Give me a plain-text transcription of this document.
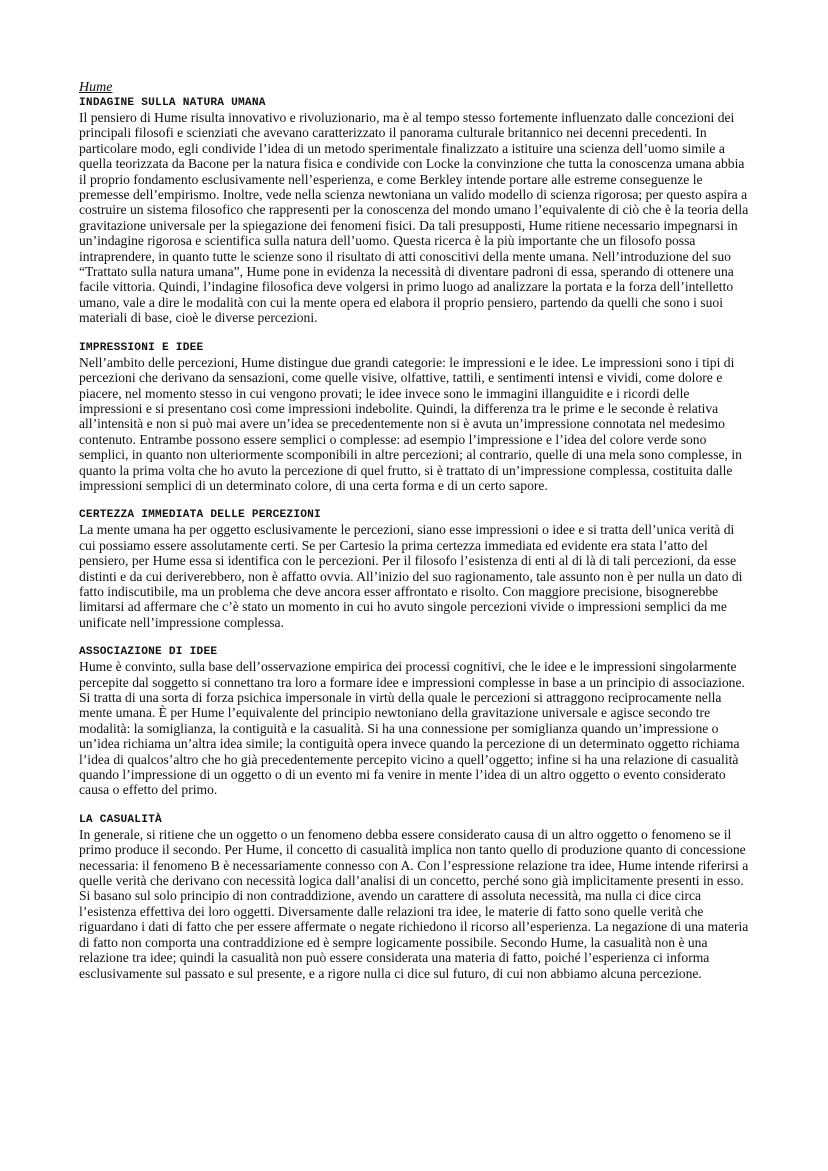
Hume

INDAGINE SULLA NATURA UMANA

Il pensiero di Hume risulta innovativo e rivoluzionario, ma è al tempo stesso fortemente influenzato dalle concezioni dei principali filosofi e scienziati che avevano caratterizzato il panorama culturale britannico nei decenni precedenti. In particolare modo, egli condivide l’idea di un metodo sperimentale finalizzato a istituire una scienza dell’uomo simile a quella teorizzata da Bacone per la natura fisica e condivide con Locke la convinzione che tutta la conoscenza umana abbia il proprio fondamento esclusivamente nell’esperienza, e come Berkley intende portare alle estreme conseguenze le premesse dell’empirismo. Inoltre, vede nella scienza newtoniana un valido modello di scienza rigorosa; per questo aspira a costruire un sistema filosofico che rappresenti per la conoscenza del mondo umano l’equivalente di ciò che è la teoria della gravitazione universale per la spiegazione dei fenomeni fisici. Da tali presupposti, Hume ritiene necessario impegnarsi in un’indagine rigorosa e scientifica sulla natura dell’uomo. Questa ricerca è la più importante che un filosofo possa intraprendere, in quanto tutte le scienze sono il risultato di atti conoscitivi della mente umana. Nell’introduzione del suo “Trattato sulla natura umana”, Hume pone in evidenza la necessità di diventare padroni di essa, sperando di ottenere una facile vittoria. Quindi, l’indagine filosofica deve volgersi in primo luogo ad analizzare la portata e la forza dell’intelletto umano, vale a dire le modalità con cui la mente opera ed elabora il proprio pensiero, partendo da quelli che sono i suoi materiali di base, cioè le diverse percezioni.

IMPRESSIONI E IDEE

Nell’ambito delle percezioni, Hume distingue due grandi categorie: le impressioni e le idee. Le impressioni sono i tipi di percezioni che derivano da sensazioni, come quelle visive, olfattive, tattili, e sentimenti intensi e vividi, come dolore e piacere, nel momento stesso in cui vengono provati; le idee invece sono le immagini illanguidite e i ricordi delle impressioni e si presentano così come impressioni indebolite. Quindi, la differenza tra le prime e le seconde è relativa all’intensità e non si può mai avere un’idea se precedentemente non si è avuta un’impressione connotata nel medesimo contenuto. Entrambe possono essere semplici o complesse: ad esempio l’impressione e l’idea del colore verde sono semplici, in quanto non ulteriormente scomponibili in altre percezioni; al contrario, quelle di una mela sono complesse, in quanto la prima volta che ho avuto la percezione di quel frutto, si è trattato di un’impressione complessa, costituita dalle impressioni semplici di un determinato colore, di una certa forma e di un certo sapore.

CERTEZZA IMMEDIATA DELLE PERCEZIONI

La mente umana ha per oggetto esclusivamente le percezioni, siano esse impressioni o idee e si tratta dell’unica verità di cui possiamo essere assolutamente certi. Se per Cartesio la prima certezza immediata ed evidente era stata l’atto del pensiero, per Hume essa si identifica con le percezioni. Per il filosofo l’esistenza di enti al di là di tali percezioni, da esse distinti e da cui deriverebbero, non è affatto ovvia. All’inizio del suo ragionamento, tale assunto non è per nulla un dato di fatto indiscutibile, ma un problema che deve ancora esser affrontato e risolto. Con maggiore precisione, bisognerebbe limitarsi ad affermare che c’è stato un momento in cui ho avuto singole percezioni vivide o impressioni semplici da me unificate nell’impressione complessa.

ASSOCIAZIONE DI IDEE

Hume è convinto, sulla base dell’osservazione empirica dei processi cognitivi, che le idee e le impressioni singolarmente percepite dal soggetto si connettano tra loro a formare idee e impressioni complesse in base a un principio di associazione. Si tratta di una sorta di forza psichica impersonale in virtù della quale le percezioni si attraggono reciprocamente nella mente umana. È per Hume l’equivalente del principio newtoniano della gravitazione universale e agisce secondo tre modalità: la somiglianza, la contiguità e la casualità. Si ha una connessione per somiglianza quando un’impressione o un’idea richiama un’altra idea simile; la contiguità opera invece quando la percezione di un determinato oggetto richiama l’idea di qualcos’altro che ho già precedentemente percepito vicino a quell’oggetto; infine si ha una relazione di casualità quando l’impressione di un oggetto o di un evento mi fa venire in mente l’idea di un altro oggetto o evento considerato causa o effetto del primo.

LA CASUALITÀ

In generale, si ritiene che un oggetto o un fenomeno debba essere considerato causa di un altro oggetto o fenomeno se il primo produce il secondo. Per Hume, il concetto di casualità implica non tanto quello di produzione quanto di concessione necessaria: il fenomeno B è necessariamente connesso con A. Con l’espressione relazione tra idee, Hume intende riferirsi a quelle verità che derivano con necessità logica dall’analisi di un concetto, perché sono già implicitamente presenti in esso. Si basano sul solo principio di non contraddizione, avendo un carattere di assoluta necessità, ma nulla ci dice circa l’esistenza effettiva dei loro oggetti. Diversamente dalle relazioni tra idee, le materie di fatto sono quelle verità che riguardano i dati di fatto che per essere affermate o negate richiedono il ricorso all’esperienza. La negazione di una materia di fatto non comporta una contraddizione ed è sempre logicamente possibile. Secondo Hume, la casualità non è una relazione tra idee; quindi la casualità non può essere considerata una materia di fatto, poiché l’esperienza ci informa esclusivamente sul passato e sul presente, e a rigore nulla ci dice sul futuro, di cui non abbiamo alcuna percezione.
